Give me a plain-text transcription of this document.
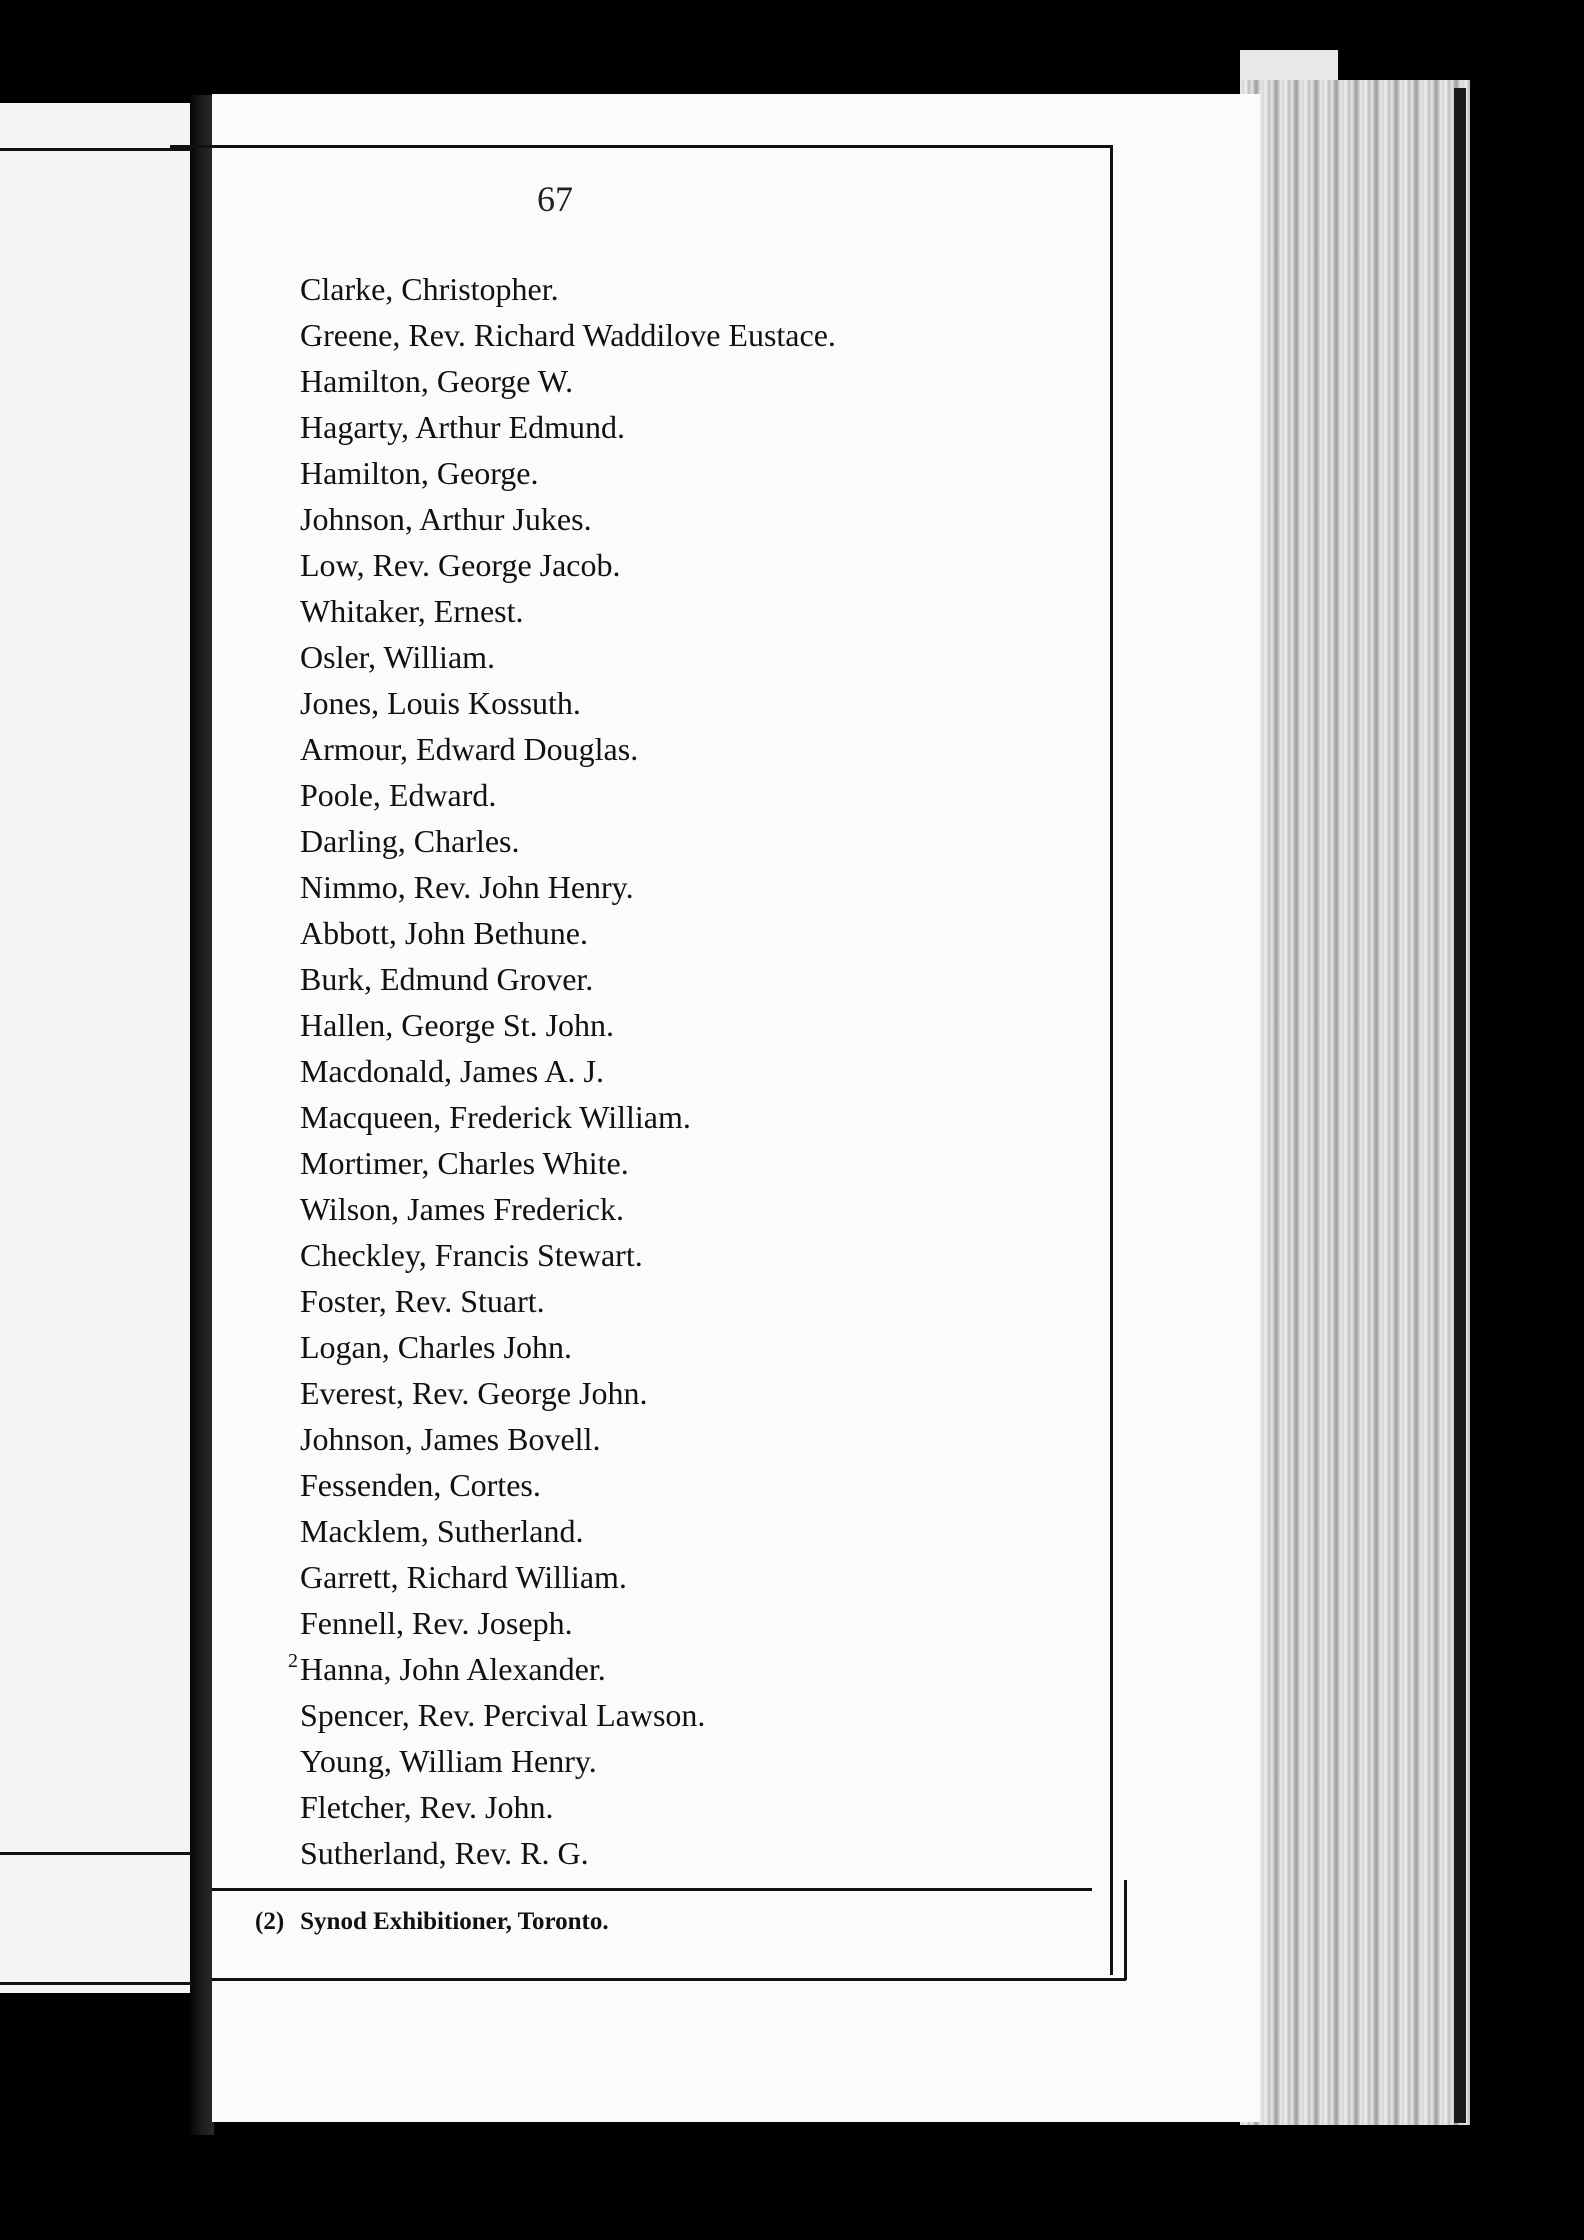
67
Clarke, Christopher.
Greene, Rev. Richard Waddilove Eustace.
Hamilton, George W.
Hagarty, Arthur Edmund.
Hamilton, George.
Johnson, Arthur Jukes.
Low, Rev. George Jacob.
Whitaker, Ernest.
Osler, William.
Jones, Louis Kossuth.
Armour, Edward Douglas.
Poole, Edward.
Darling, Charles.
Nimmo, Rev. John Henry.
Abbott, John Bethune.
Burk, Edmund Grover.
Hallen, George St. John.
Macdonald, James A. J.
Macqueen, Frederick William.
Mortimer, Charles White.
Wilson, James Frederick.
Checkley, Francis Stewart.
Foster, Rev. Stuart.
Logan, Charles John.
Everest, Rev. George John.
Johnson, James Bovell.
Fessenden, Cortes.
Macklem, Sutherland.
Garrett, Richard William.
Fennell, Rev. Joseph.
2 Hanna, John Alexander.
Spencer, Rev. Percival Lawson.
Young, William Henry.
Fletcher, Rev. John.
Sutherland, Rev. R. G.
(2) Synod Exhibitioner, Toronto.
